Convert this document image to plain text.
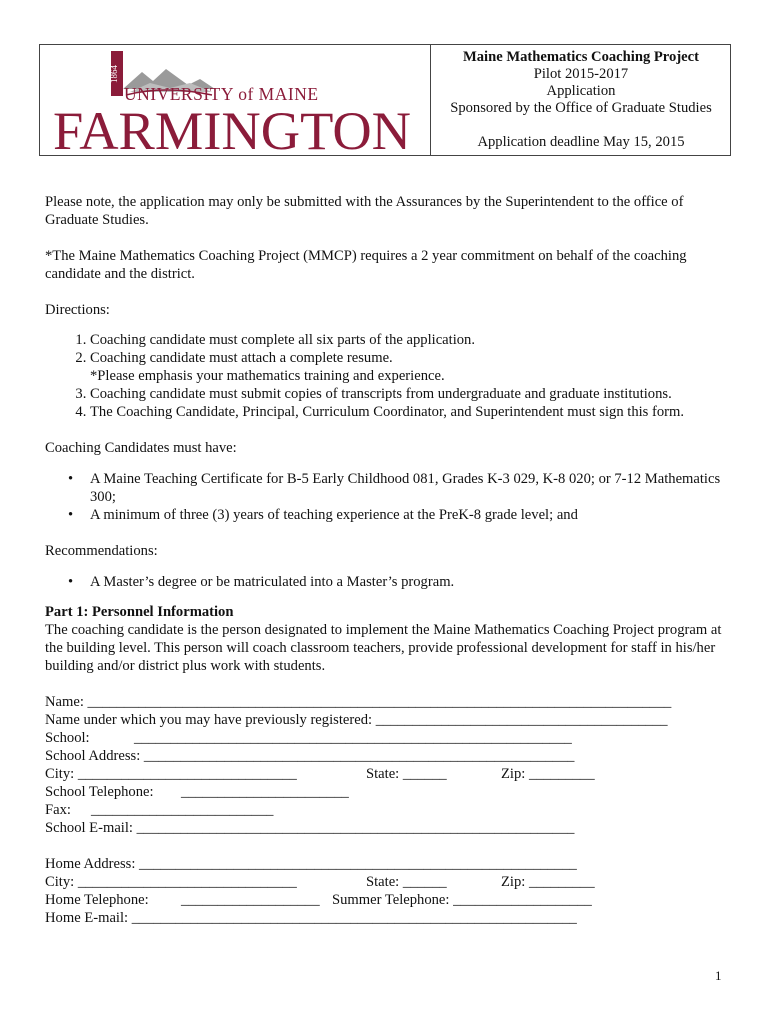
1864
UNIVERSITY of MAINE
FARMINGTON
Maine Mathematics Coaching Project
Pilot 2015-2017
Application
Sponsored by the Office of Graduate Studies
Application deadline May 15, 2015

Please note, the application may only be submitted with the Assurances by the Superintendent to the office of Graduate Studies.

*The Maine Mathematics Coaching Project (MMCP) requires a 2 year commitment on behalf of the coaching candidate and the district.

Directions:

1. Coaching candidate must complete all six parts of the application.
2. Coaching candidate must attach a complete resume.
*Please emphasis your mathematics training and experience.
3. Coaching candidate must submit copies of transcripts from undergraduate and graduate institutions.
4. The Coaching Candidate, Principal, Curriculum Coordinator, and Superintendent must sign this form.

Coaching Candidates must have:

• A Maine Teaching Certificate for B-5 Early Childhood 081, Grades K-3 029, K-8 020; or 7-12 Mathematics 300;
• A minimum of three (3) years of teaching experience at the PreK-8 grade level; and

Recommendations:

• A Master’s degree or be matriculated into a Master’s program.

Part 1: Personnel Information

The coaching candidate is the person designated to implement the Maine Mathematics Coaching Project program at the building level. This person will coach classroom teachers, provide professional development for staff in his/her building and/or district plus work with students.

Name: ________________________________________________________________________________
Name under which you may have previously registered: ________________________________________
School:	____________________________________________________________
School Address: ___________________________________________________________
City: ______________________________	State: ______	Zip: _________
School Telephone: _______________________
Fax: _________________________
School E-mail: ____________________________________________________________
Home Address: ____________________________________________________________
City: ______________________________	State: ______	Zip: _________
Home Telephone: ___________________ Summer Telephone: ___________________
Home E-mail: _____________________________________________________________
1
